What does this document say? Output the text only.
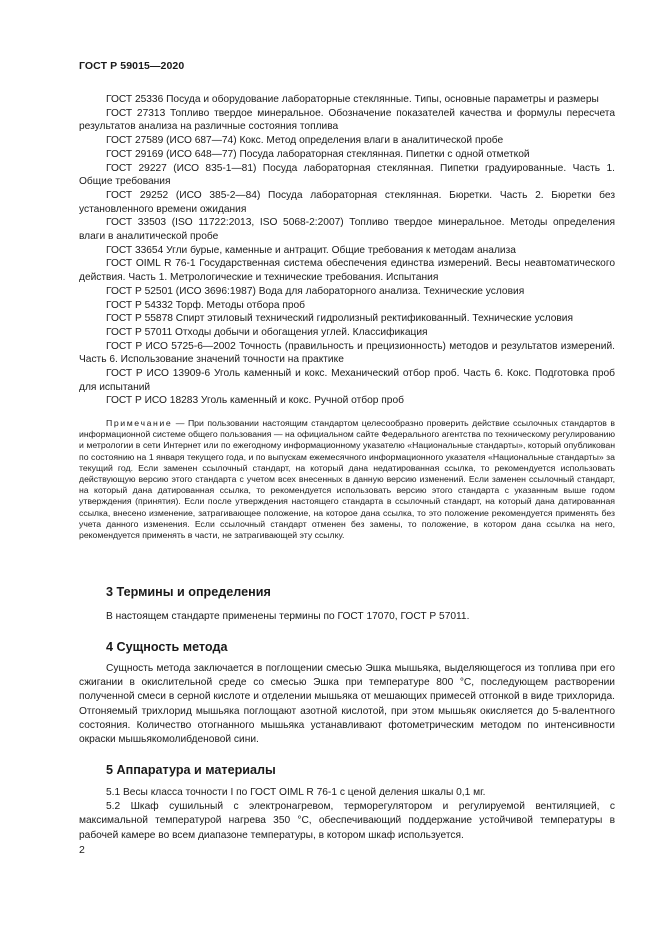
ГОСТ Р 59015—2020

ГОСТ 25336 Посуда и оборудование лабораторные стеклянные. Типы, основные параметры и размеры

ГОСТ 27313 Топливо твердое минеральное. Обозначение показателей качества и формулы пересчета результатов анализа на различные состояния топлива

ГОСТ 27589 (ИСО 687—74) Кокс. Метод определения влаги в аналитической пробе

ГОСТ 29169 (ИСО 648—77) Посуда лабораторная стеклянная. Пипетки с одной отметкой

ГОСТ 29227 (ИСО 835-1—81) Посуда лабораторная стеклянная. Пипетки градуированные. Часть 1. Общие требования

ГОСТ 29252 (ИСО 385-2—84) Посуда лабораторная стеклянная. Бюретки. Часть 2. Бюретки без установленного времени ожидания

ГОСТ 33503 (ISO 11722:2013, ISO 5068-2:2007) Топливо твердое минеральное. Методы определения влаги в аналитической пробе

ГОСТ 33654 Угли бурые, каменные и антрацит. Общие требования к методам анализа

ГОСТ OIML R 76-1 Государственная система обеспечения единства измерений. Весы неавтоматического действия. Часть 1. Метрологические и технические требования. Испытания

ГОСТ Р 52501 (ИСО 3696:1987) Вода для лабораторного анализа. Технические условия

ГОСТ Р 54332 Торф. Методы отбора проб

ГОСТ Р 55878 Спирт этиловый технический гидролизный ректификованный. Технические условия

ГОСТ Р 57011 Отходы добычи и обогащения углей. Классификация

ГОСТ Р ИСО 5725-6—2002 Точность (правильность и прецизионность) методов и результатов измерений. Часть 6. Использование значений точности на практике

ГОСТ Р ИСО 13909-6 Уголь каменный и кокс. Механический отбор проб. Часть 6. Кокс. Подготовка проб для испытаний

ГОСТ Р ИСО 18283 Уголь каменный и кокс. Ручной отбор проб

Примечание — При пользовании настоящим стандартом целесообразно проверить действие ссылочных стандартов в информационной системе общего пользования — на официальном сайте Федерального агентства по техническому регулированию и метрологии в сети Интернет или по ежегодному информационному указателю «Национальные стандарты», который опубликован по состоянию на 1 января текущего года, и по выпускам ежемесячного информационного указателя «Национальные стандарты» за текущий год. Если заменен ссылочный стандарт, на который дана недатированная ссылка, то рекомендуется использовать действующую версию этого стандарта с учетом всех внесенных в данную версию изменений. Если заменен ссылочный стандарт, на который дана датированная ссылка, то рекомендуется использовать версию этого стандарта с указанным выше годом утверждения (принятия). Если после утверждения настоящего стандарта в ссылочный стандарт, на который дана датированная ссылка, внесено изменение, затрагивающее положение, на которое дана ссылка, то это положение рекомендуется применять без учета данного изменения. Если ссылочный стандарт отменен без замены, то положение, в котором дана ссылка на него, рекомендуется применять в части, не затрагивающей эту ссылку.

3 Термины и определения

В настоящем стандарте применены термины по ГОСТ 17070, ГОСТ Р 57011.

4 Сущность метода

Сущность метода заключается в поглощении смесью Эшка мышьяка, выделяющегося из топлива при его сжигании в окислительной среде со смесью Эшка при температуре 800 °С, последующем растворении полученной смеси в серной кислоте и отделении мышьяка от мешающих примесей отгонкой в виде трихлорида. Отгоняемый трихлорид мышьяка поглощают азотной кислотой, при этом мышьяк окисляется до 5-валентного состояния. Количество отогнанного мышьяка устанавливают фотометрическим методом по интенсивности окраски мышьякомолибденовой сини.

5 Аппаратура и материалы

5.1 Весы класса точности I по ГОСТ OIML R 76-1 с ценой деления шкалы 0,1 мг.

5.2 Шкаф сушильный с электронагревом, терморегулятором и регулируемой вентиляцией, с максимальной температурой нагрева 350 °С, обеспечивающий поддержание устойчивой температуры в рабочей камере во всем диапазоне температуры, в котором шкаф используется.

2
